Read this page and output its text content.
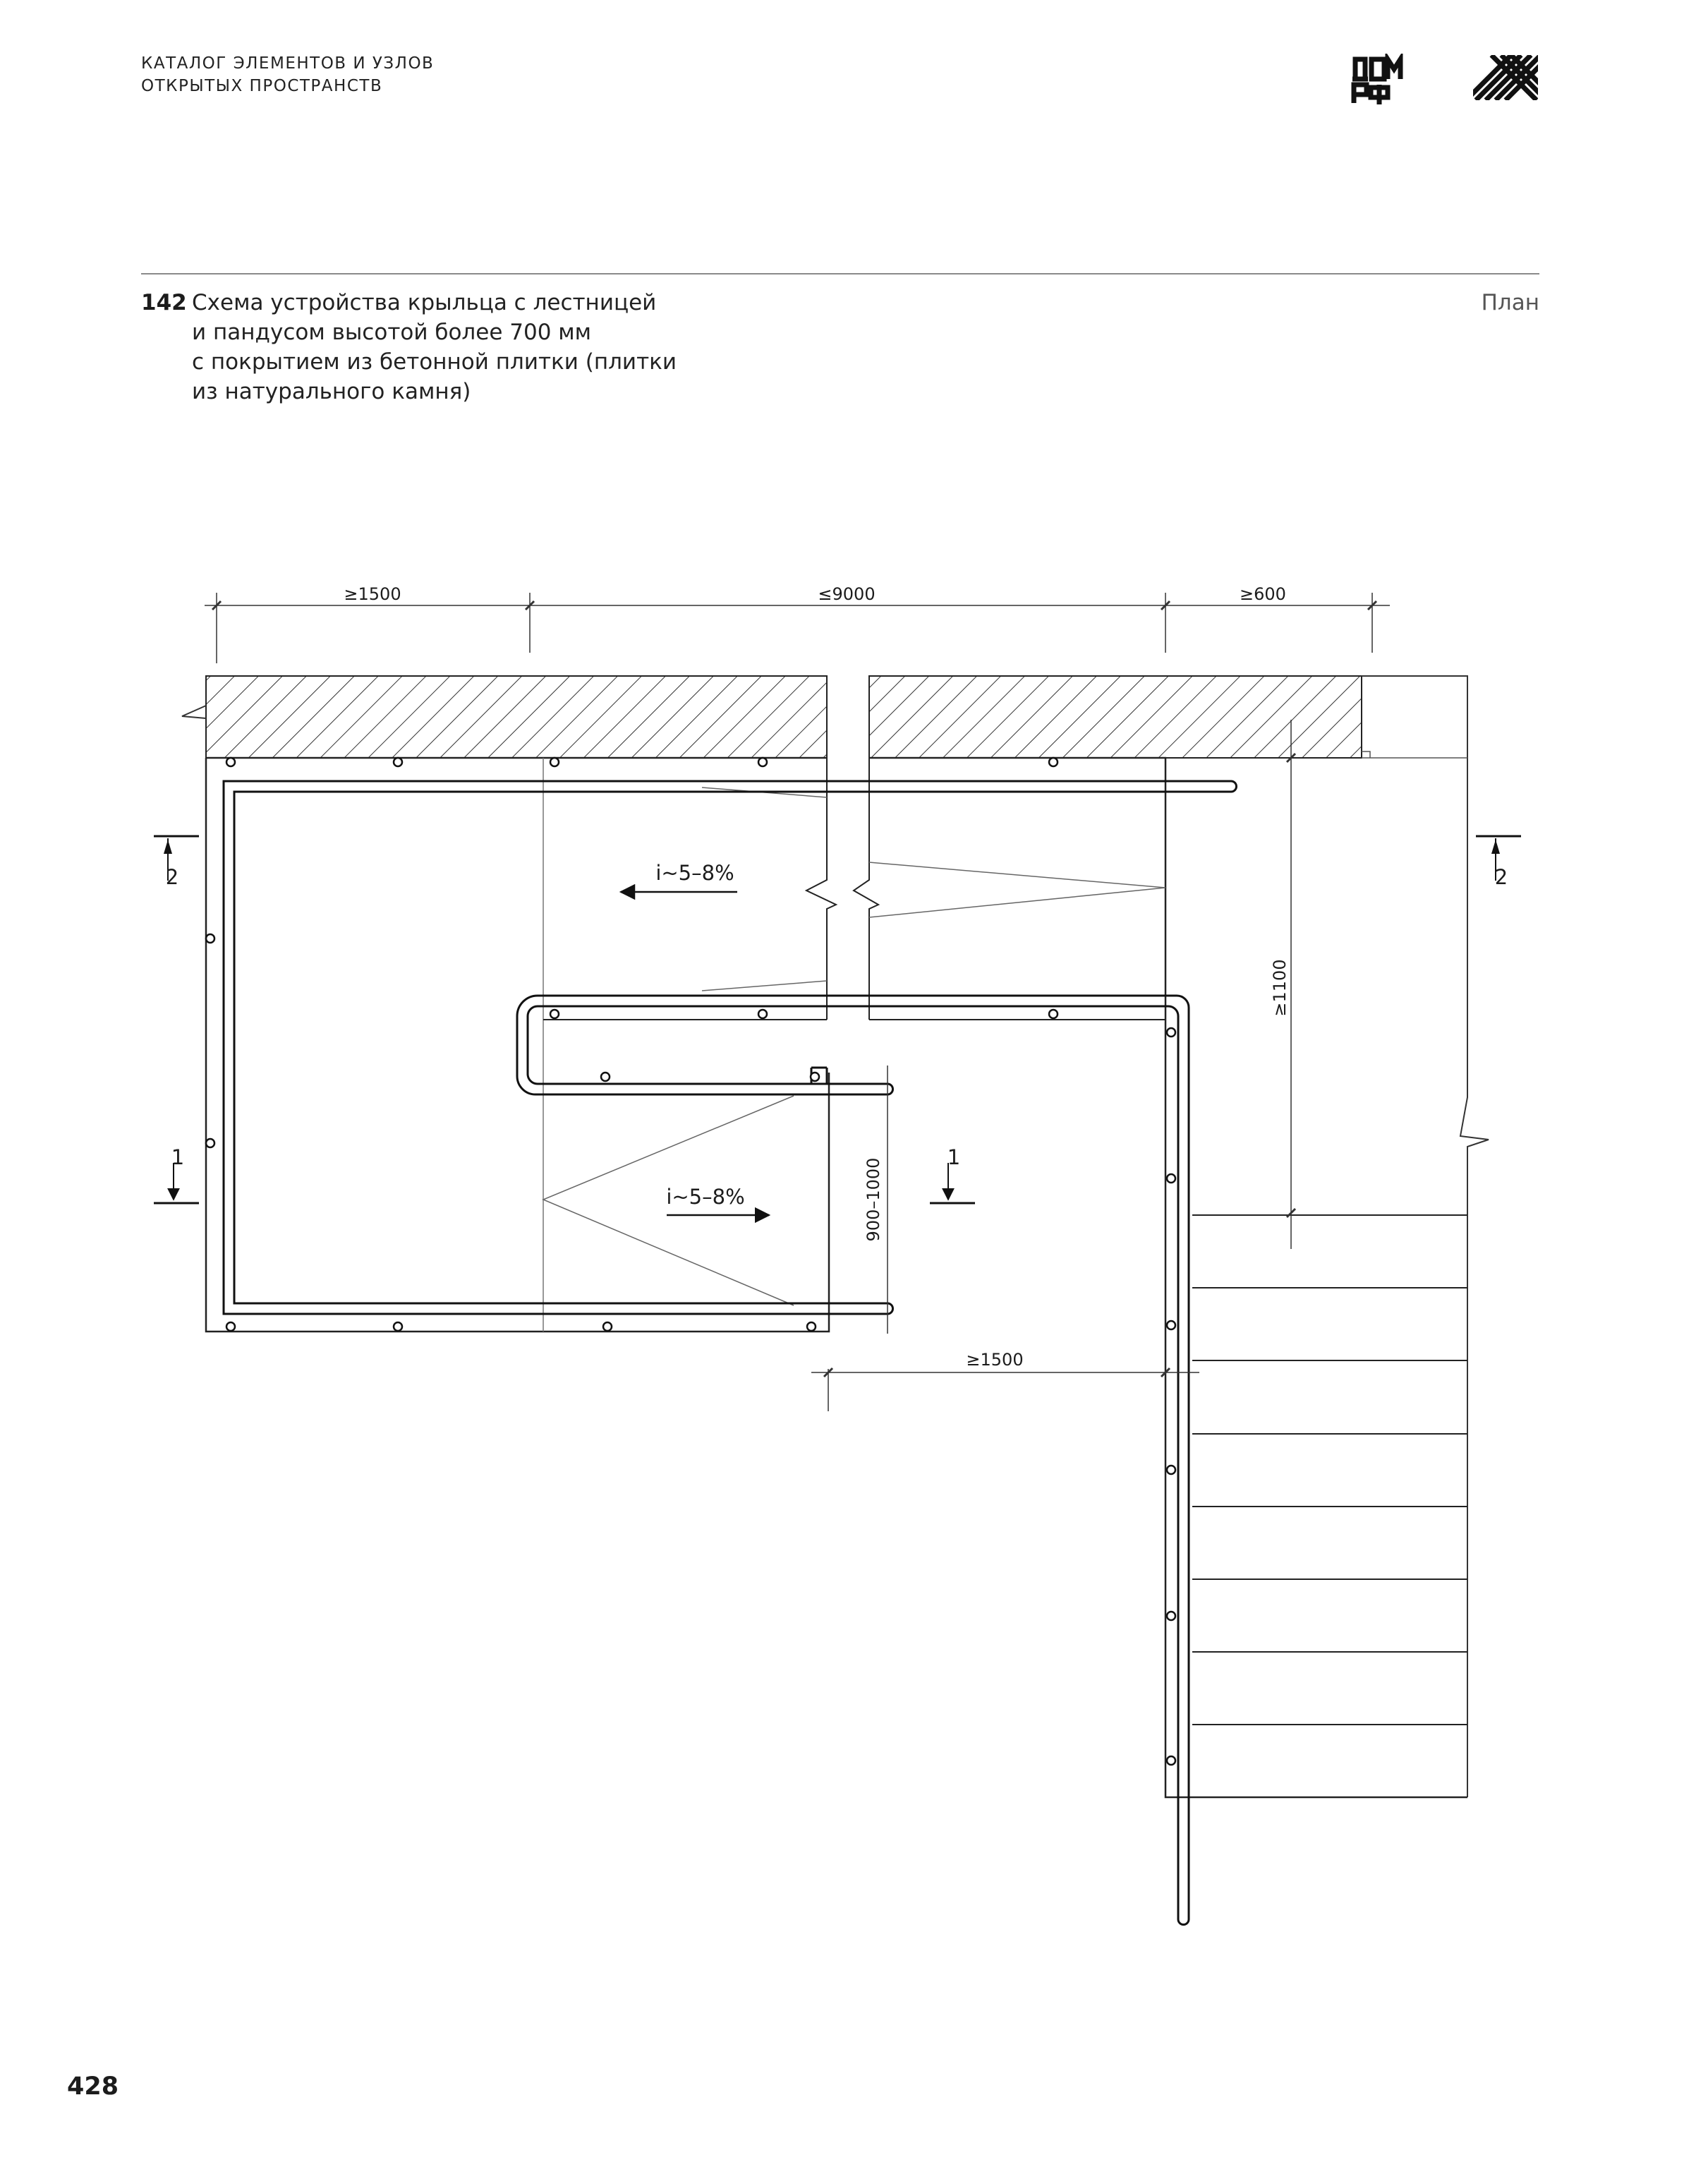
КАТАЛОГ ЭЛЕМЕНТОВ И УЗЛОВ
ОТКРЫТЫХ ПРОСТРАНСТВ
142 Схема устройства крыльца с лестницей
и пандусом высотой более 700 мм
с покрытием из бетонной плитки (плитки
из натурального камня)
План
≥1500	≤9000	≥600
≥1500
≥1100
900–1000
i~5–8%
i~5–8%
2	2
1	1
428
